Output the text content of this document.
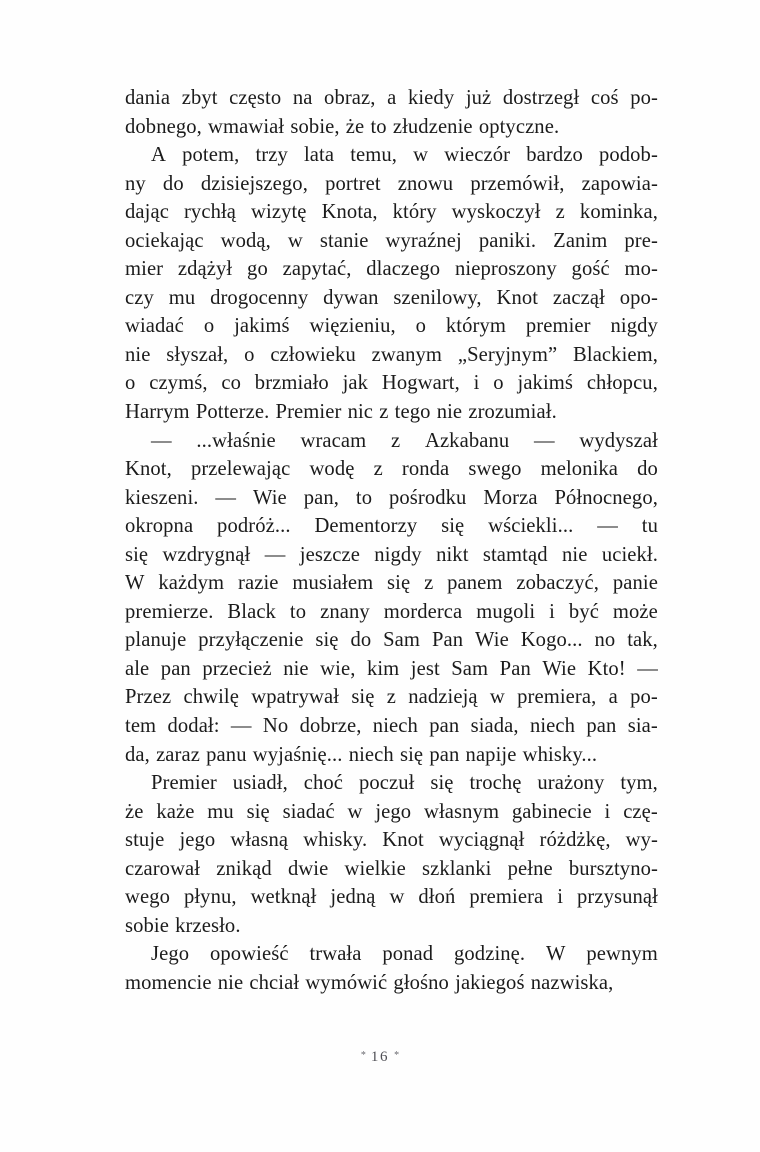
dania zbyt często na obraz, a kiedy już dostrzegł coś po-
dobnego, wmawiał sobie, że to złudzenie optyczne.
A potem, trzy lata temu, w wieczór bardzo podob-
ny do dzisiejszego, portret znowu przemówił, zapowia-
dając rychłą wizytę Knota, który wyskoczył z kominka,
ociekając wodą, w stanie wyraźnej paniki. Zanim pre-
mier zdążył go zapytać, dlaczego nieproszony gość mo-
czy mu drogocenny dywan szenilowy, Knot zaczął opo-
wiadać o jakimś więzieniu, o którym premier nigdy
nie słyszał, o człowieku zwanym „Seryjnym” Blackiem,
o czymś, co brzmiało jak Hogwart, i o jakimś chłopcu,
Harrym Potterze. Premier nic z tego nie zrozumiał.
— ...właśnie wracam z Azkabanu — wydyszał
Knot, przelewając wodę z ronda swego melonika do
kieszeni. — Wie pan, to pośrodku Morza Północnego,
okropna podróż... Dementorzy się wściekli... — tu
się wzdrygnął — jeszcze nigdy nikt stamtąd nie uciekł.
W każdym razie musiałem się z panem zobaczyć, panie
premierze. Black to znany morderca mugoli i być może
planuje przyłączenie się do Sam Pan Wie Kogo... no tak,
ale pan przecież nie wie, kim jest Sam Pan Wie Kto! —
Przez chwilę wpatrywał się z nadzieją w premiera, a po-
tem dodał: — No dobrze, niech pan siada, niech pan sia-
da, zaraz panu wyjaśnię... niech się pan napije whisky...
Premier usiadł, choć poczuł się trochę urażony tym,
że każe mu się siadać w jego własnym gabinecie i czę-
stuje jego własną whisky. Knot wyciągnął różdżkę, wy-
czarował znikąd dwie wielkie szklanki pełne bursztyno-
wego płynu, wetknął jedną w dłoń premiera i przysunął
sobie krzesło.
Jego opowieść trwała ponad godzinę. W pewnym
momencie nie chciał wymówić głośno jakiegoś nazwiska,
* 16 *
